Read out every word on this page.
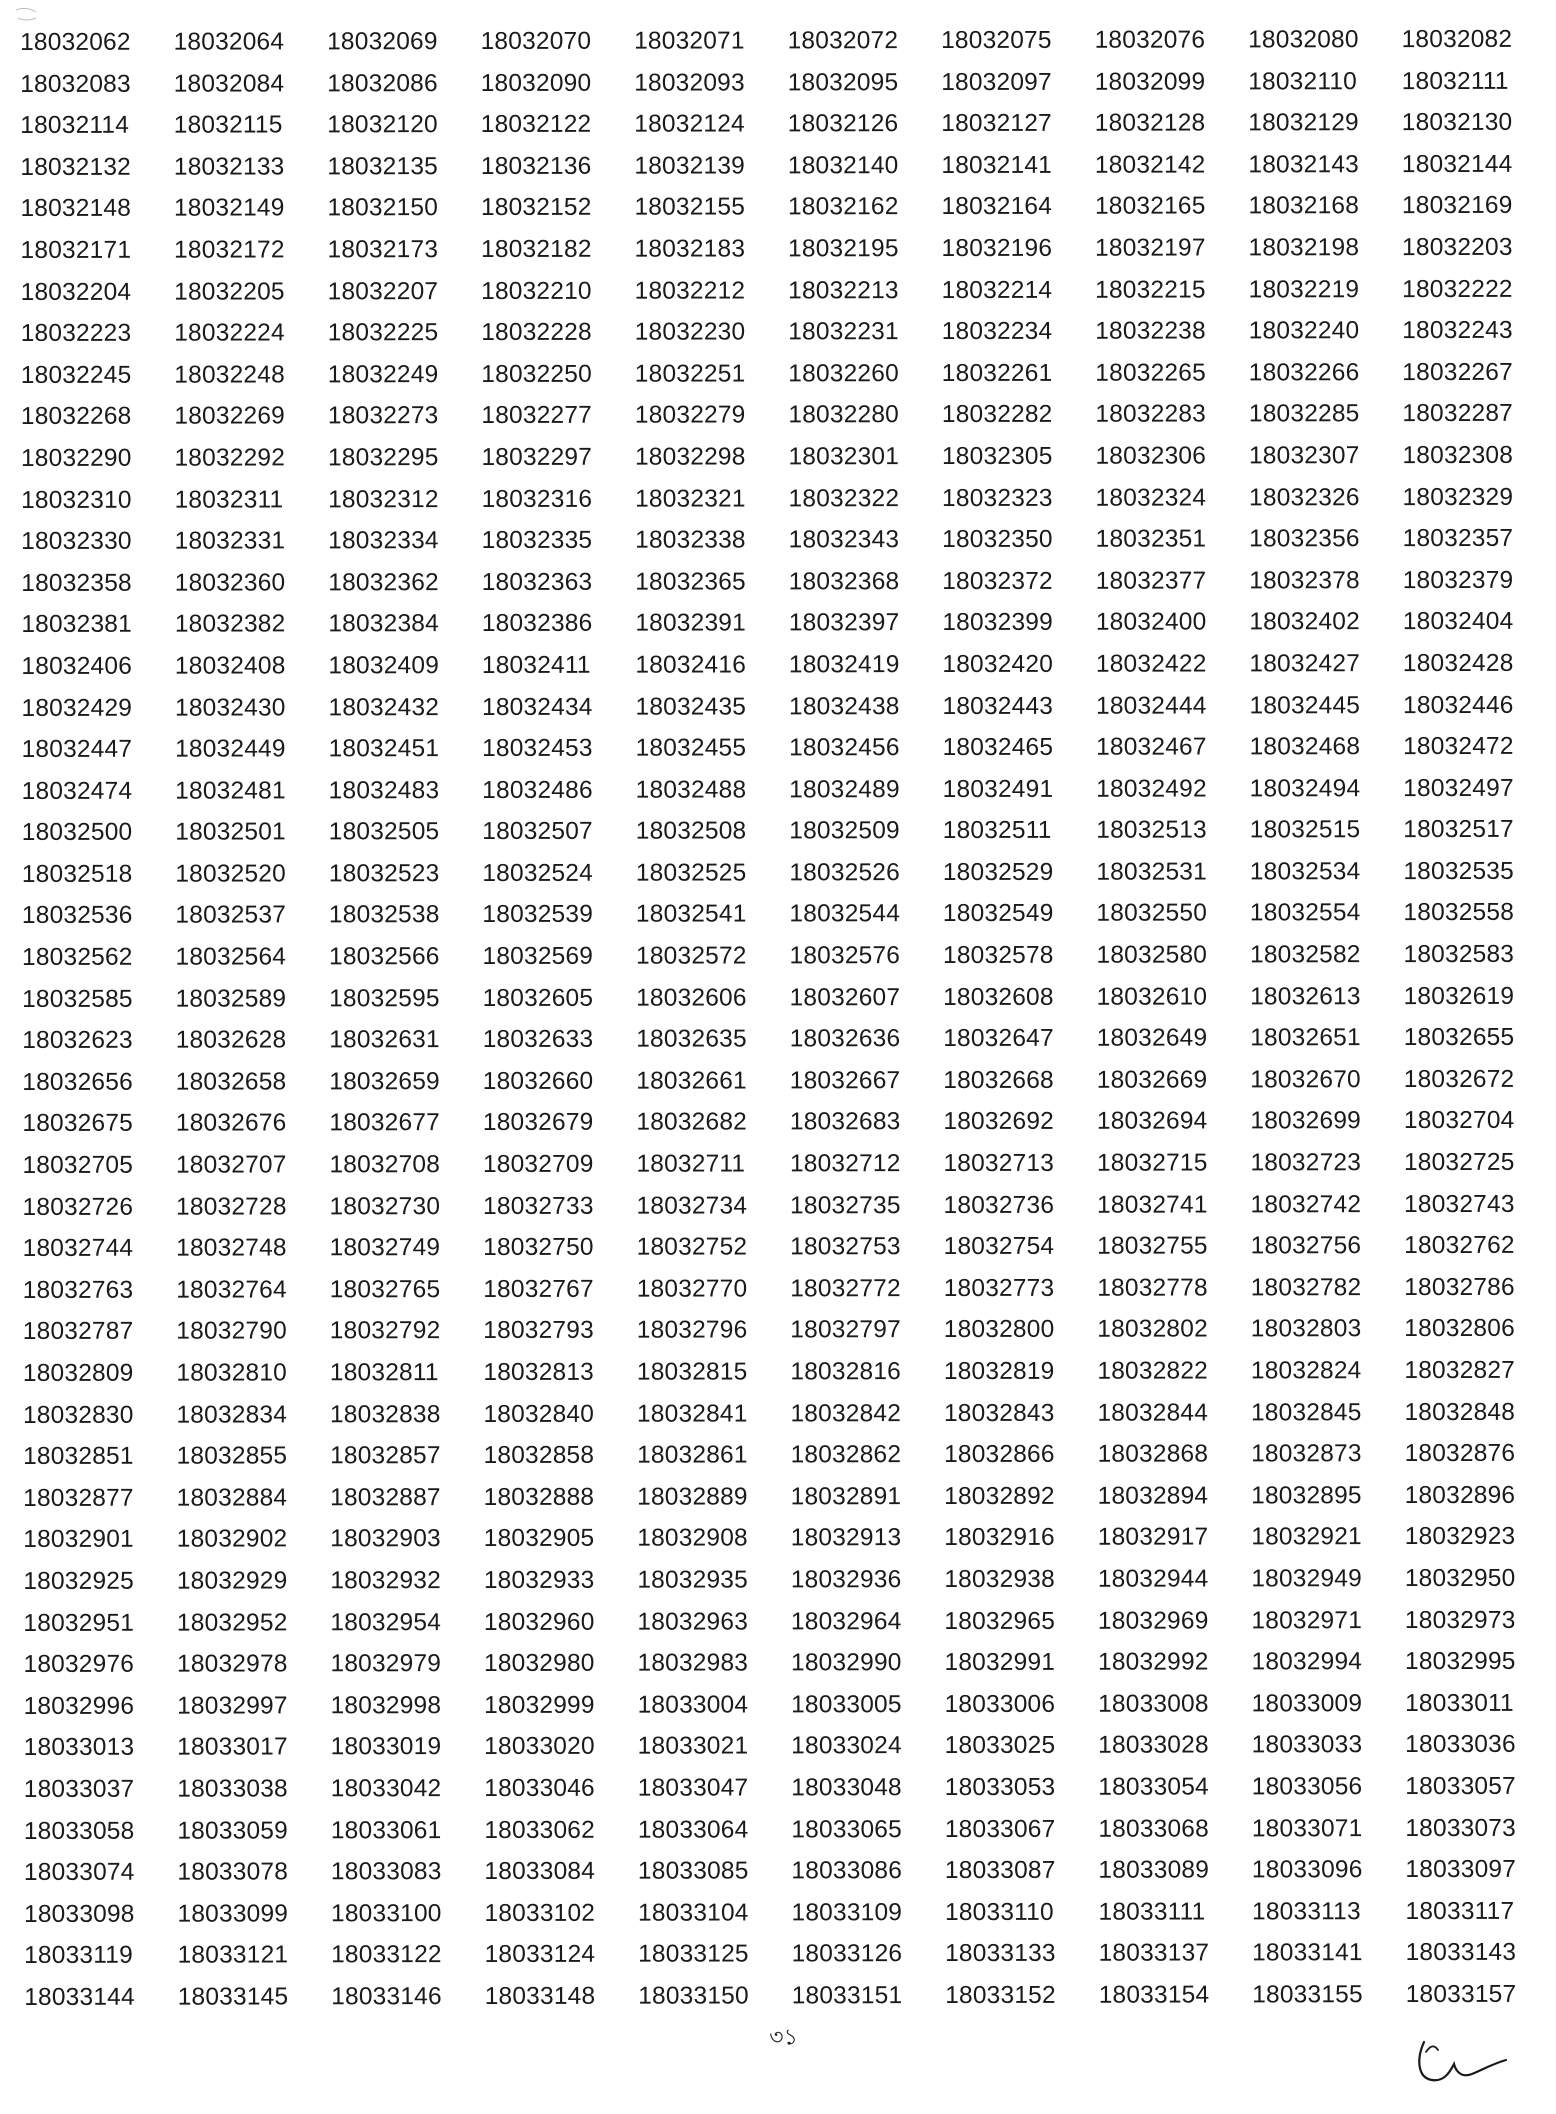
18032062	18032064	18032069	18032070	18032071	18032072	18032075	18032076	18032080	18032082
18032083	18032084	18032086	18032090	18032093	18032095	18032097	18032099	18032110	18032111
18032114	18032115	18032120	18032122	18032124	18032126	18032127	18032128	18032129	18032130
18032132	18032133	18032135	18032136	18032139	18032140	18032141	18032142	18032143	18032144
18032148	18032149	18032150	18032152	18032155	18032162	18032164	18032165	18032168	18032169
18032171	18032172	18032173	18032182	18032183	18032195	18032196	18032197	18032198	18032203
18032204	18032205	18032207	18032210	18032212	18032213	18032214	18032215	18032219	18032222
18032223	18032224	18032225	18032228	18032230	18032231	18032234	18032238	18032240	18032243
18032245	18032248	18032249	18032250	18032251	18032260	18032261	18032265	18032266	18032267
18032268	18032269	18032273	18032277	18032279	18032280	18032282	18032283	18032285	18032287
18032290	18032292	18032295	18032297	18032298	18032301	18032305	18032306	18032307	18032308
18032310	18032311	18032312	18032316	18032321	18032322	18032323	18032324	18032326	18032329
18032330	18032331	18032334	18032335	18032338	18032343	18032350	18032351	18032356	18032357
18032358	18032360	18032362	18032363	18032365	18032368	18032372	18032377	18032378	18032379
18032381	18032382	18032384	18032386	18032391	18032397	18032399	18032400	18032402	18032404
18032406	18032408	18032409	18032411	18032416	18032419	18032420	18032422	18032427	18032428
18032429	18032430	18032432	18032434	18032435	18032438	18032443	18032444	18032445	18032446
18032447	18032449	18032451	18032453	18032455	18032456	18032465	18032467	18032468	18032472
18032474	18032481	18032483	18032486	18032488	18032489	18032491	18032492	18032494	18032497
18032500	18032501	18032505	18032507	18032508	18032509	18032511	18032513	18032515	18032517
18032518	18032520	18032523	18032524	18032525	18032526	18032529	18032531	18032534	18032535
18032536	18032537	18032538	18032539	18032541	18032544	18032549	18032550	18032554	18032558
18032562	18032564	18032566	18032569	18032572	18032576	18032578	18032580	18032582	18032583
18032585	18032589	18032595	18032605	18032606	18032607	18032608	18032610	18032613	18032619
18032623	18032628	18032631	18032633	18032635	18032636	18032647	18032649	18032651	18032655
18032656	18032658	18032659	18032660	18032661	18032667	18032668	18032669	18032670	18032672
18032675	18032676	18032677	18032679	18032682	18032683	18032692	18032694	18032699	18032704
18032705	18032707	18032708	18032709	18032711	18032712	18032713	18032715	18032723	18032725
18032726	18032728	18032730	18032733	18032734	18032735	18032736	18032741	18032742	18032743
18032744	18032748	18032749	18032750	18032752	18032753	18032754	18032755	18032756	18032762
18032763	18032764	18032765	18032767	18032770	18032772	18032773	18032778	18032782	18032786
18032787	18032790	18032792	18032793	18032796	18032797	18032800	18032802	18032803	18032806
18032809	18032810	18032811	18032813	18032815	18032816	18032819	18032822	18032824	18032827
18032830	18032834	18032838	18032840	18032841	18032842	18032843	18032844	18032845	18032848
18032851	18032855	18032857	18032858	18032861	18032862	18032866	18032868	18032873	18032876
18032877	18032884	18032887	18032888	18032889	18032891	18032892	18032894	18032895	18032896
18032901	18032902	18032903	18032905	18032908	18032913	18032916	18032917	18032921	18032923
18032925	18032929	18032932	18032933	18032935	18032936	18032938	18032944	18032949	18032950
18032951	18032952	18032954	18032960	18032963	18032964	18032965	18032969	18032971	18032973
18032976	18032978	18032979	18032980	18032983	18032990	18032991	18032992	18032994	18032995
18032996	18032997	18032998	18032999	18033004	18033005	18033006	18033008	18033009	18033011
18033013	18033017	18033019	18033020	18033021	18033024	18033025	18033028	18033033	18033036
18033037	18033038	18033042	18033046	18033047	18033048	18033053	18033054	18033056	18033057
18033058	18033059	18033061	18033062	18033064	18033065	18033067	18033068	18033071	18033073
18033074	18033078	18033083	18033084	18033085	18033086	18033087	18033089	18033096	18033097
18033098	18033099	18033100	18033102	18033104	18033109	18033110	18033111	18033113	18033117
18033119	18033121	18033122	18033124	18033125	18033126	18033133	18033137	18033141	18033143
18033144	18033145	18033146	18033148	18033150	18033151	18033152	18033154	18033155	18033157
৩১
